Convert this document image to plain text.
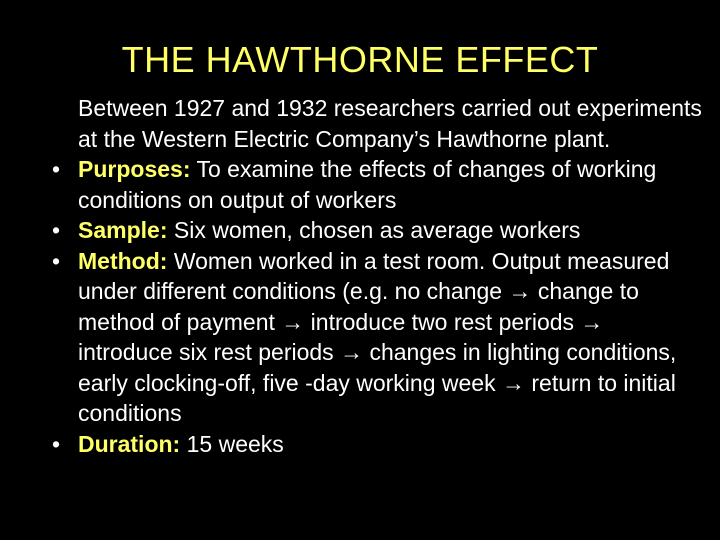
THE HAWTHORNE EFFECT
Between 1927 and 1932 researchers carried out experiments at the Western Electric Company’s Hawthorne plant.
• Purposes: To examine the effects of changes of working conditions on output of workers
• Sample: Six women, chosen as average workers
• Method: Women worked in a test room. Output measured under different conditions (e.g. no change → change to method of payment → introduce two rest periods → introduce six rest periods → changes in lighting conditions, early clocking-off, five -day working week → return to initial conditions
• Duration: 15 weeks
